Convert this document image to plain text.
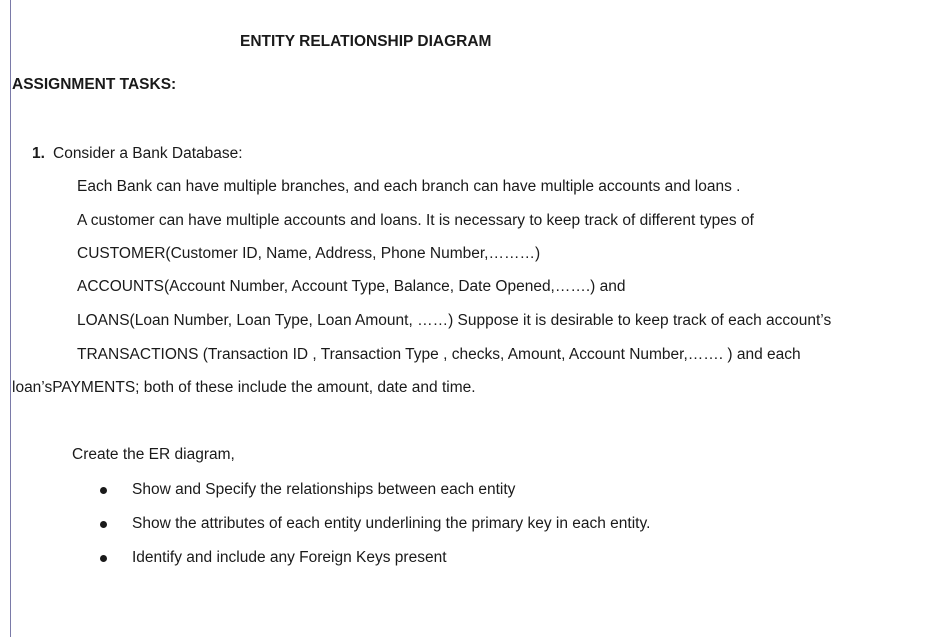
ENTITY RELATIONSHIP DIAGRAM
ASSIGNMENT TASKS:
1. Consider a Bank Database:
Each Bank can have multiple branches, and each branch can have multiple accounts and loans .
A customer can have multiple accounts and loans. It is necessary to keep track of different types of
CUSTOMER(Customer ID, Name, Address, Phone Number,………)
ACCOUNTS(Account Number, Account Type, Balance, Date Opened,…….) and
LOANS(Loan Number, Loan Type, Loan Amount, ……) Suppose it is desirable to keep track of each account’s
TRANSACTIONS (Transaction ID , Transaction Type , checks, Amount, Account Number,……. ) and each
loan’sPAYMENTS; both of these include the amount, date and time.
Create the ER diagram,
Show and Specify the relationships between each entity
Show the attributes of each entity underlining the primary key in each entity.
Identify and include any Foreign Keys present
